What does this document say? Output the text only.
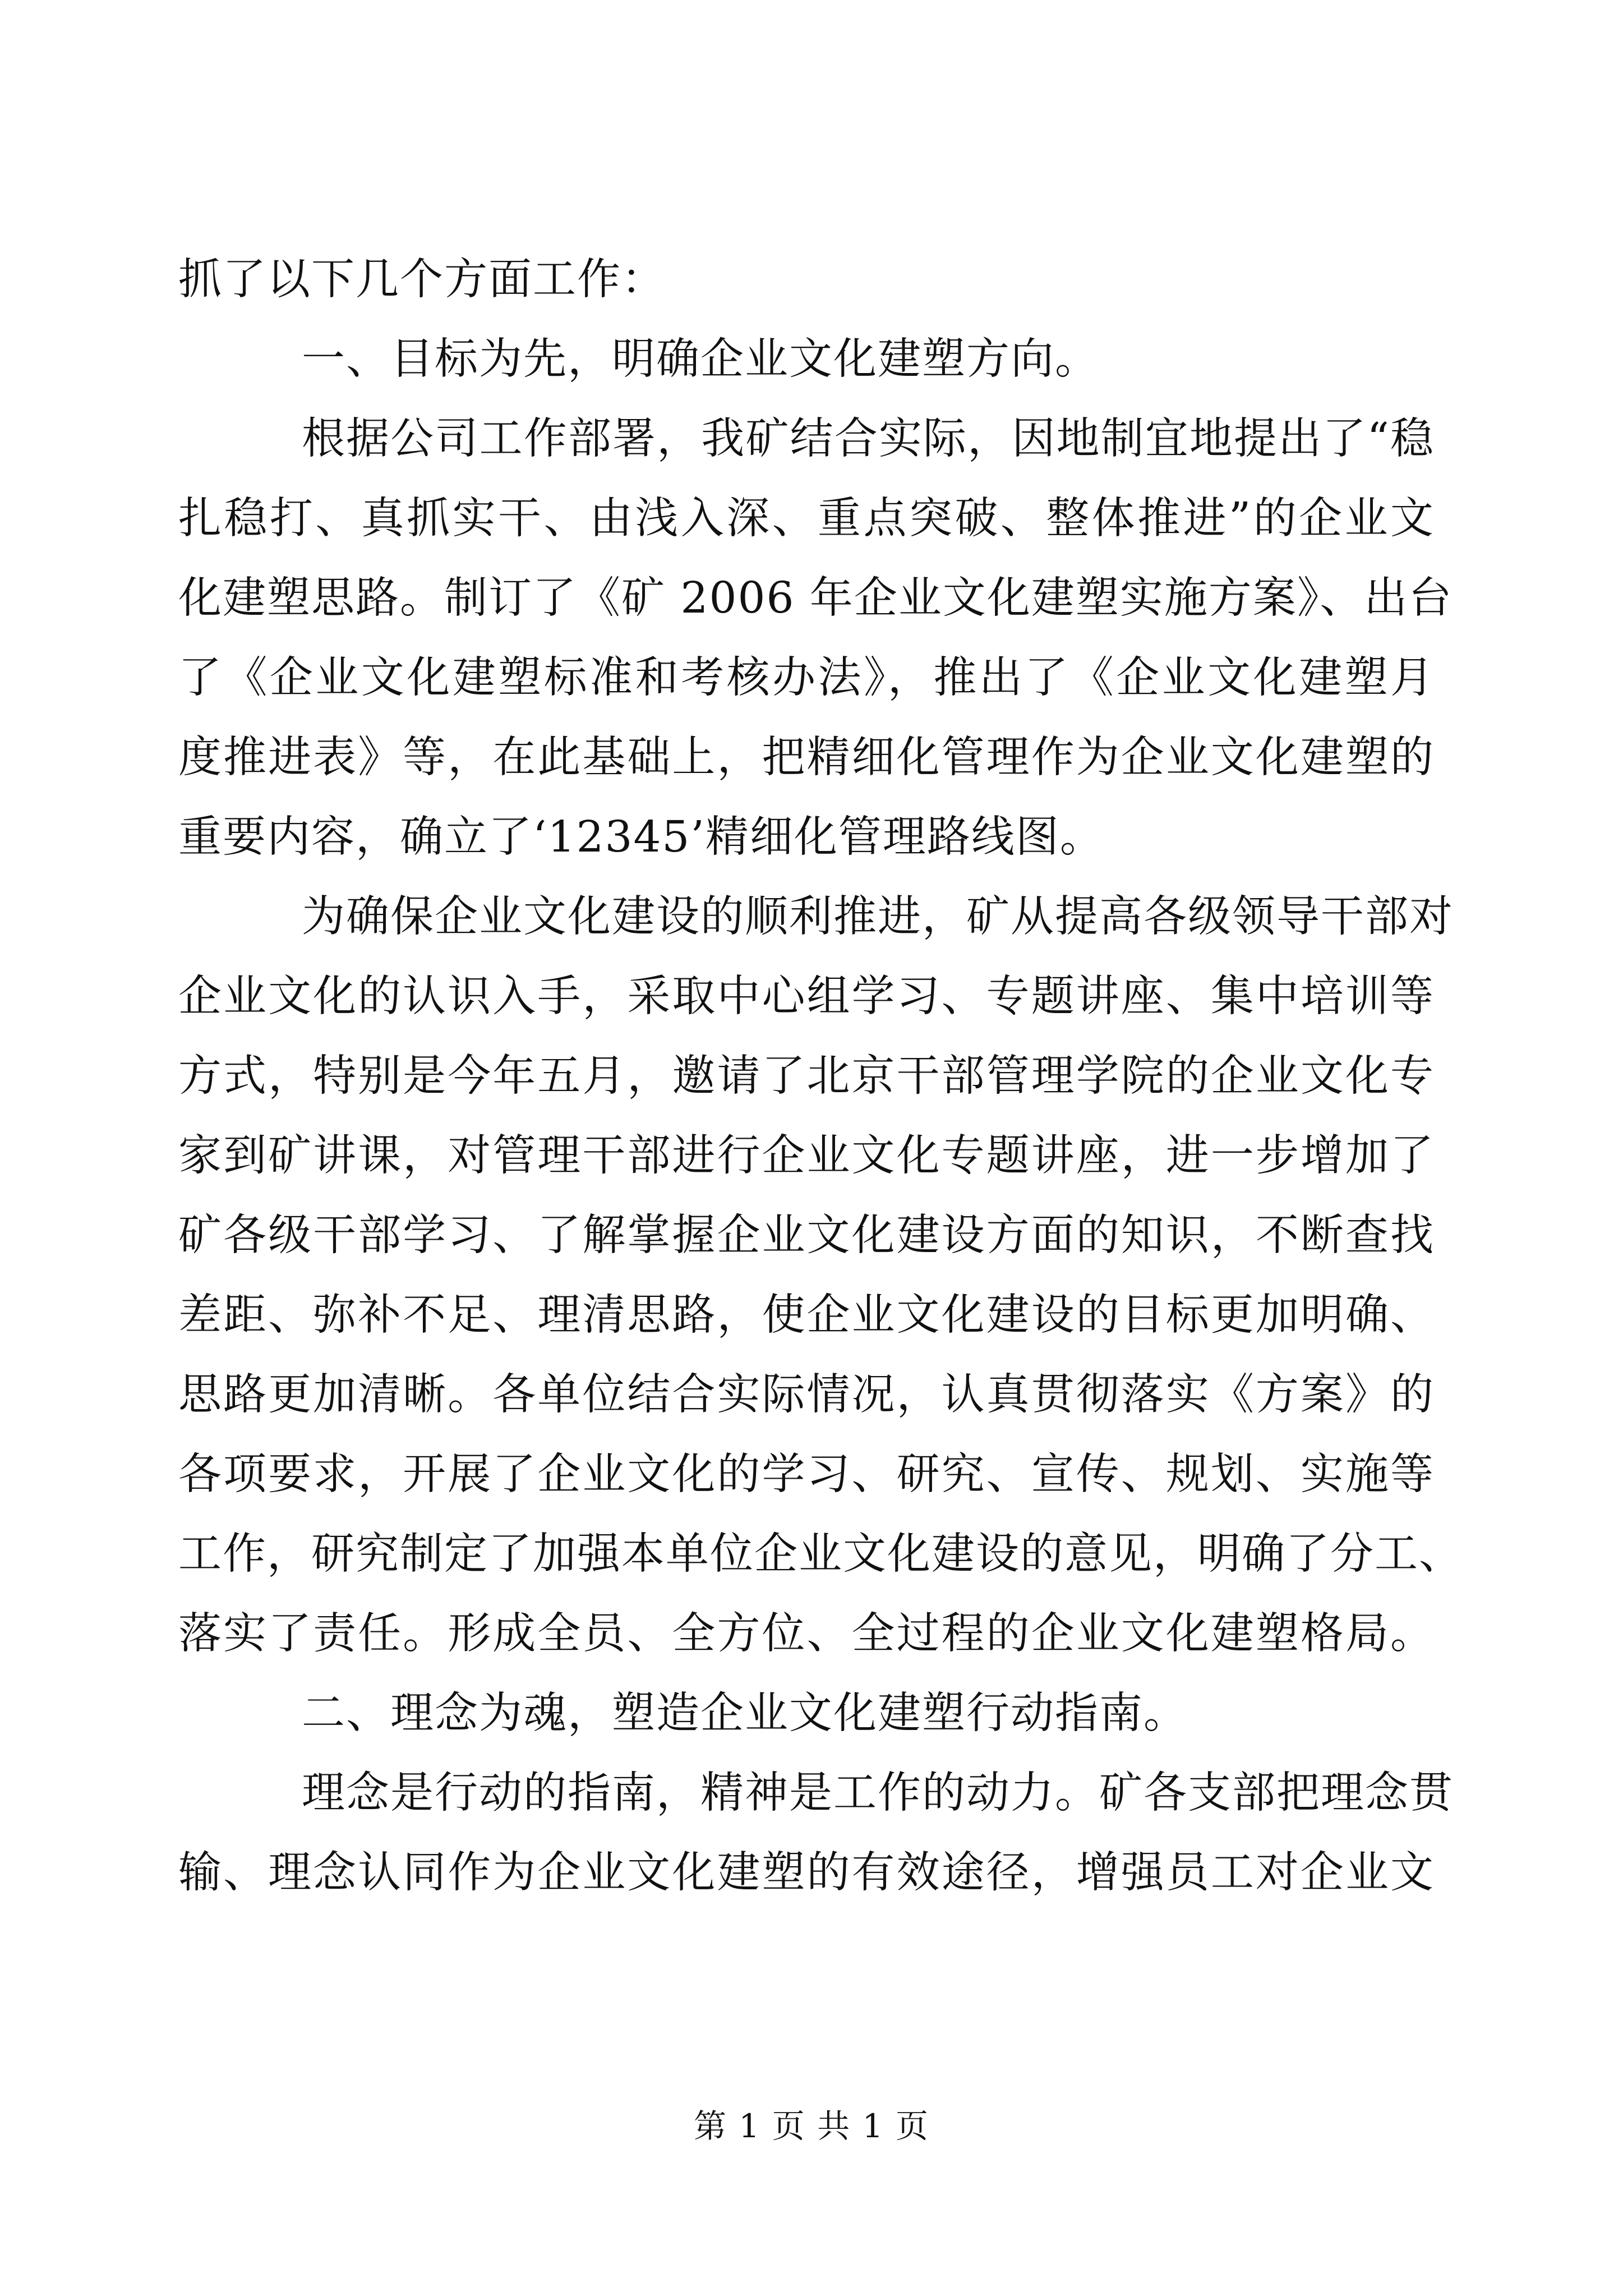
抓了以下几个方面工作：
一、目标为先，明确企业文化建塑方向。
根据公司工作部署，我矿结合实际，因地制宜地提出了“稳
扎稳打、真抓实干、由浅入深、重点突破、整体推进”的企业文
化建塑思路。制订了《矿 2006 年企业文化建塑实施方案》、出台
了《企业文化建塑标准和考核办法》，推出了《企业文化建塑月
度推进表》等，在此基础上，把精细化管理作为企业文化建塑的
重要内容，确立了‘12345’精细化管理路线图。
为确保企业文化建设的顺利推进，矿从提高各级领导干部对
企业文化的认识入手，采取中心组学习、专题讲座、集中培训等
方式，特别是今年五月，邀请了北京干部管理学院的企业文化专
家到矿讲课，对管理干部进行企业文化专题讲座，进一步增加了
矿各级干部学习、了解掌握企业文化建设方面的知识，不断查找
差距、弥补不足、理清思路，使企业文化建设的目标更加明确、
思路更加清晰。各单位结合实际情况，认真贯彻落实《方案》的
各项要求，开展了企业文化的学习、研究、宣传、规划、实施等
工作，研究制定了加强本单位企业文化建设的意见，明确了分工、
落实了责任。形成全员、全方位、全过程的企业文化建塑格局。
二、理念为魂，塑造企业文化建塑行动指南。
理念是行动的指南，精神是工作的动力。矿各支部把理念贯
输、理念认同作为企业文化建塑的有效途径，增强员工对企业文
第 1 页 共 1 页
